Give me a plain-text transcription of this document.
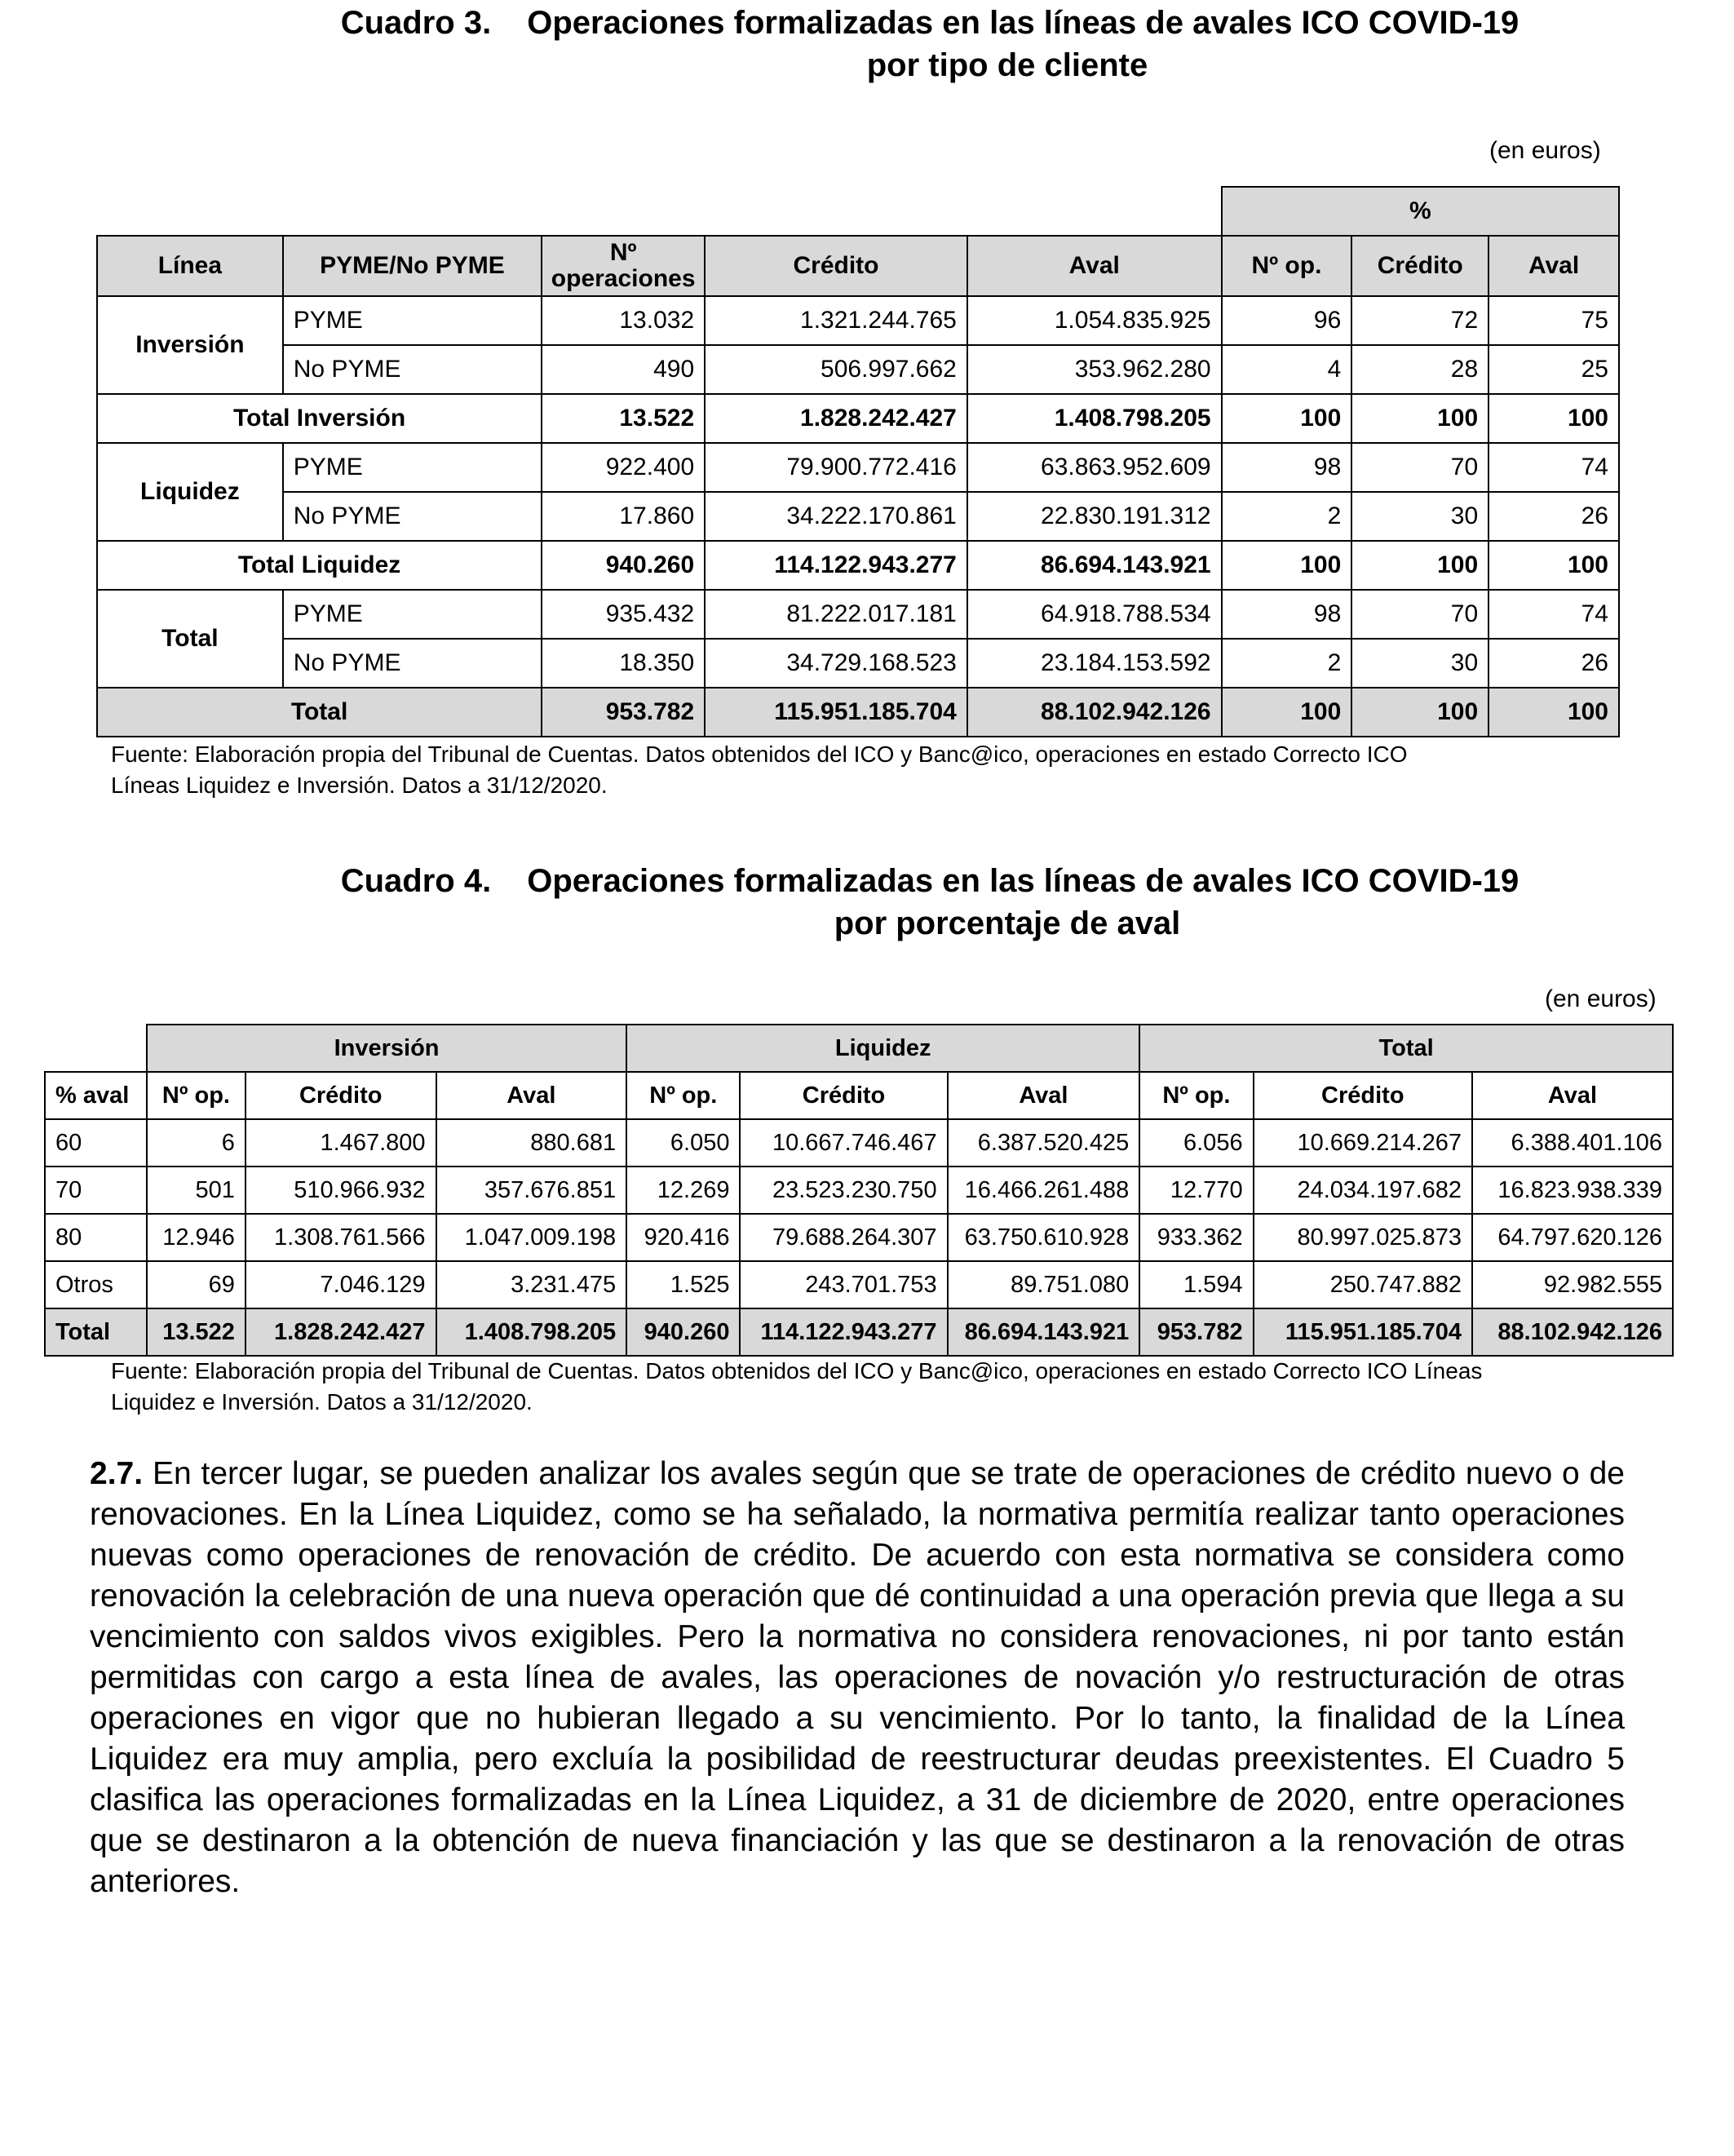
Cuadro 3. Operaciones formalizadas en las líneas de avales ICO COVID-19
por tipo de cliente
(en euros)
					%		
Línea	PYME/No PYME	Nº operaciones	Crédito	Aval	Nº op.	Crédito	Aval
Inversión	PYME	13.032	1.321.244.765	1.054.835.925	96	72	75
	No PYME	490	506.997.662	353.962.280	4	28	25
Total Inversión		13.522	1.828.242.427	1.408.798.205	100	100	100
Liquidez	PYME	922.400	79.900.772.416	63.863.952.609	98	70	74
	No PYME	17.860	34.222.170.861	22.830.191.312	2	30	26
Total Liquidez		940.260	114.122.943.277	86.694.143.921	100	100	100
Total	PYME	935.432	81.222.017.181	64.918.788.534	98	70	74
	No PYME	18.350	34.729.168.523	23.184.153.592	2	30	26
Total		953.782	115.951.185.704	88.102.942.126	100	100	100
Fuente: Elaboración propia del Tribunal de Cuentas. Datos obtenidos del ICO y Banc@ico, operaciones en estado Correcto ICO
Líneas Liquidez e Inversión. Datos a 31/12/2020.
Cuadro 4. Operaciones formalizadas en las líneas de avales ICO COVID-19
por porcentaje de aval
(en euros)
	Inversión			Liquidez			Total		
% aval	Nº op.	Crédito	Aval	Nº op.	Crédito	Aval	Nº op.	Crédito	Aval
60	6	1.467.800	880.681	6.050	10.667.746.467	6.387.520.425	6.056	10.669.214.267	6.388.401.106
70	501	510.966.932	357.676.851	12.269	23.523.230.750	16.466.261.488	12.770	24.034.197.682	16.823.938.339
80	12.946	1.308.761.566	1.047.009.198	920.416	79.688.264.307	63.750.610.928	933.362	80.997.025.873	64.797.620.126
Otros	69	7.046.129	3.231.475	1.525	243.701.753	89.751.080	1.594	250.747.882	92.982.555
Total	13.522	1.828.242.427	1.408.798.205	940.260	114.122.943.277	86.694.143.921	953.782	115.951.185.704	88.102.942.126
Fuente: Elaboración propia del Tribunal de Cuentas. Datos obtenidos del ICO y Banc@ico, operaciones en estado Correcto ICO Líneas
Liquidez e Inversión. Datos a 31/12/2020.
2.7. En tercer lugar, se pueden analizar los avales según que se trate de operaciones de crédito nuevo o de renovaciones. En la Línea Liquidez, como se ha señalado, la normativa permitía realizar tanto operaciones nuevas como operaciones de renovación de crédito. De acuerdo con esta normativa se considera como renovación la celebración de una nueva operación que dé continuidad a una operación previa que llega a su vencimiento con saldos vivos exigibles. Pero la normativa no considera renovaciones, ni por tanto están permitidas con cargo a esta línea de avales, las operaciones de novación y/o restructuración de otras operaciones en vigor que no hubieran llegado a su vencimiento. Por lo tanto, la finalidad de la Línea Liquidez era muy amplia, pero excluía la posibilidad de reestructurar deudas preexistentes. El Cuadro 5 clasifica las operaciones formalizadas en la Línea Liquidez, a 31 de diciembre de 2020, entre operaciones que se destinaron a la obtención de nueva financiación y las que se destinaron a la renovación de otras anteriores.
